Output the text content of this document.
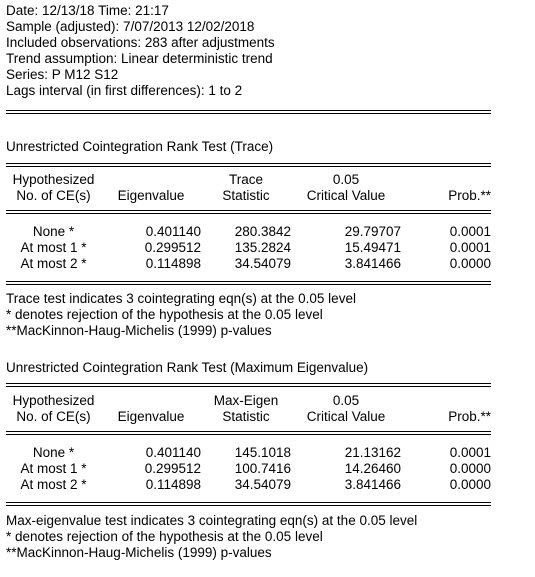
Date: 12/13/18 Time: 21:17
Sample (adjusted): 7/07/2013 12/02/2018
Included observations: 283 after adjustments
Trend assumption: Linear deterministic trend
Series: P M12 S12
Lags interval (in first differences): 1 to 2
Unrestricted Cointegration Rank Test (Trace)
Hypothesized		Trace	0.05	
No. of CE(s)	Eigenvalue	Statistic	Critical Value	Prob.**
None *	0.401140	280.3842	29.79707	0.0001
At most 1 *	0.299512	135.2824	15.49471	0.0001
At most 2 *	0.114898	34.54079	3.841466	0.0000
Trace test indicates 3 cointegrating eqn(s) at the 0.05 level
* denotes rejection of the hypothesis at the 0.05 level
**MacKinnon-Haug-Michelis (1999) p-values
Unrestricted Cointegration Rank Test (Maximum Eigenvalue)
Hypothesized		Max-Eigen	0.05	
No. of CE(s)	Eigenvalue	Statistic	Critical Value	Prob.**
None *	0.401140	145.1018	21.13162	0.0001
At most 1 *	0.299512	100.7416	14.26460	0.0000
At most 2 *	0.114898	34.54079	3.841466	0.0000
Max-eigenvalue test indicates 3 cointegrating eqn(s) at the 0.05 level
* denotes rejection of the hypothesis at the 0.05 level
**MacKinnon-Haug-Michelis (1999) p-values
